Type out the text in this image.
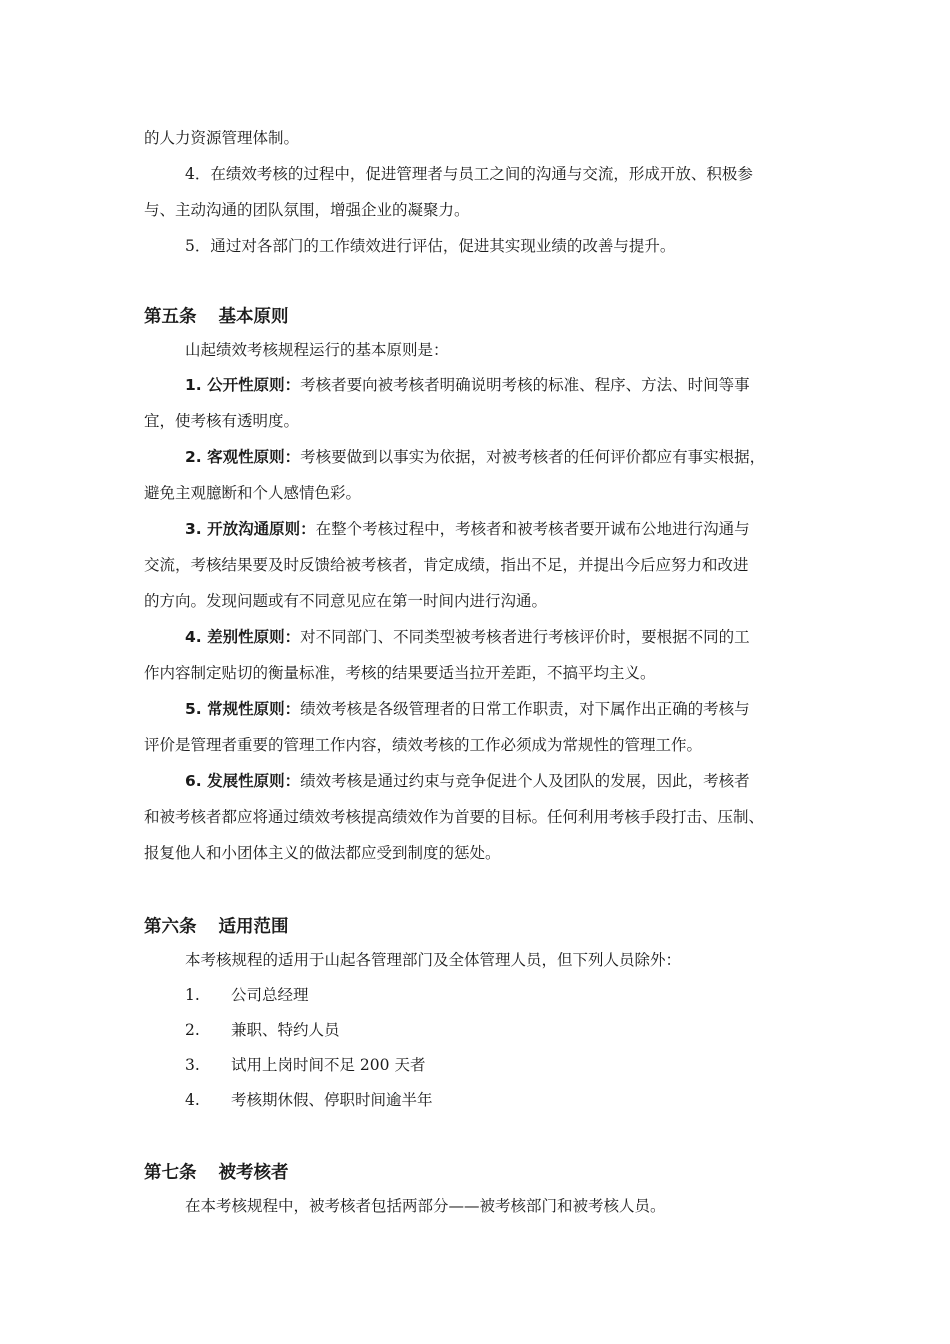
的人力资源管理体制。
4．在绩效考核的过程中，促进管理者与员工之间的沟通与交流，形成开放、积极参
与、主动沟通的团队氛围，增强企业的凝聚力。
5．通过对各部门的工作绩效进行评估，促进其实现业绩的改善与提升。
第五条 基本原则
山起绩效考核规程运行的基本原则是：
1. 公开性原则：考核者要向被考核者明确说明考核的标准、程序、方法、时间等事
宜，使考核有透明度。
2. 客观性原则：考核要做到以事实为依据，对被考核者的任何评价都应有事实根据，
避免主观臆断和个人感情色彩。
3. 开放沟通原则：在整个考核过程中，考核者和被考核者要开诚布公地进行沟通与
交流，考核结果要及时反馈给被考核者，肯定成绩，指出不足，并提出今后应努力和改进
的方向。发现问题或有不同意见应在第一时间内进行沟通。
4. 差别性原则：对不同部门、不同类型被考核者进行考核评价时，要根据不同的工
作内容制定贴切的衡量标准，考核的结果要适当拉开差距，不搞平均主义。
5. 常规性原则：绩效考核是各级管理者的日常工作职责，对下属作出正确的考核与
评价是管理者重要的管理工作内容，绩效考核的工作必须成为常规性的管理工作。
6. 发展性原则：绩效考核是通过约束与竞争促进个人及团队的发展，因此，考核者
和被考核者都应将通过绩效考核提高绩效作为首要的目标。任何利用考核手段打击、压制、
报复他人和小团体主义的做法都应受到制度的惩处。
第六条 适用范围
本考核规程的适用于山起各管理部门及全体管理人员，但下列人员除外：
1. 公司总经理
2. 兼职、特约人员
3. 试用上岗时间不足 200 天者
4. 考核期休假、停职时间逾半年
第七条 被考核者
在本考核规程中，被考核者包括两部分——被考核部门和被考核人员。
